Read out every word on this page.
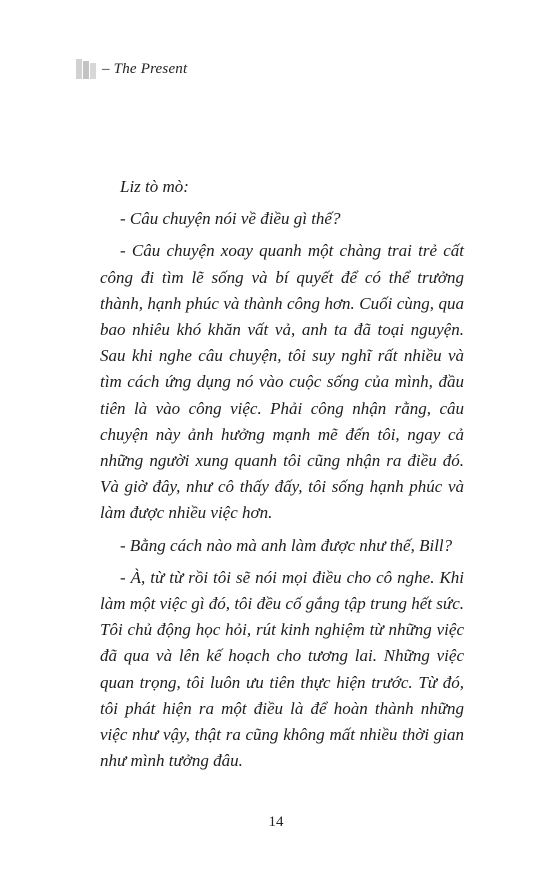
– The Present

Liz tò mò:

- Câu chuyện nói về điều gì thế?

- Câu chuyện xoay quanh một chàng trai trẻ cất công đi tìm lẽ sống và bí quyết để có thể trưởng thành, hạnh phúc và thành công hơn. Cuối cùng, qua bao nhiêu khó khăn vất vả, anh ta đã toại nguyện. Sau khi nghe câu chuyện, tôi suy nghĩ rất nhiều và tìm cách ứng dụng nó vào cuộc sống của mình, đầu tiên là vào công việc. Phải công nhận rằng, câu chuyện này ảnh hưởng mạnh mẽ đến tôi, ngay cả những người xung quanh tôi cũng nhận ra điều đó. Và giờ đây, như cô thấy đấy, tôi sống hạnh phúc và làm được nhiều việc hơn.

- Bằng cách nào mà anh làm được như thế, Bill?

- À, từ từ rồi tôi sẽ nói mọi điều cho cô nghe. Khi làm một việc gì đó, tôi đều cố gắng tập trung hết sức. Tôi chủ động học hỏi, rút kinh nghiệm từ những việc đã qua và lên kế hoạch cho tương lai. Những việc quan trọng, tôi luôn ưu tiên thực hiện trước. Từ đó, tôi phát hiện ra một điều là để hoàn thành những việc như vậy, thật ra cũng không mất nhiều thời gian như mình tưởng đâu.

14
